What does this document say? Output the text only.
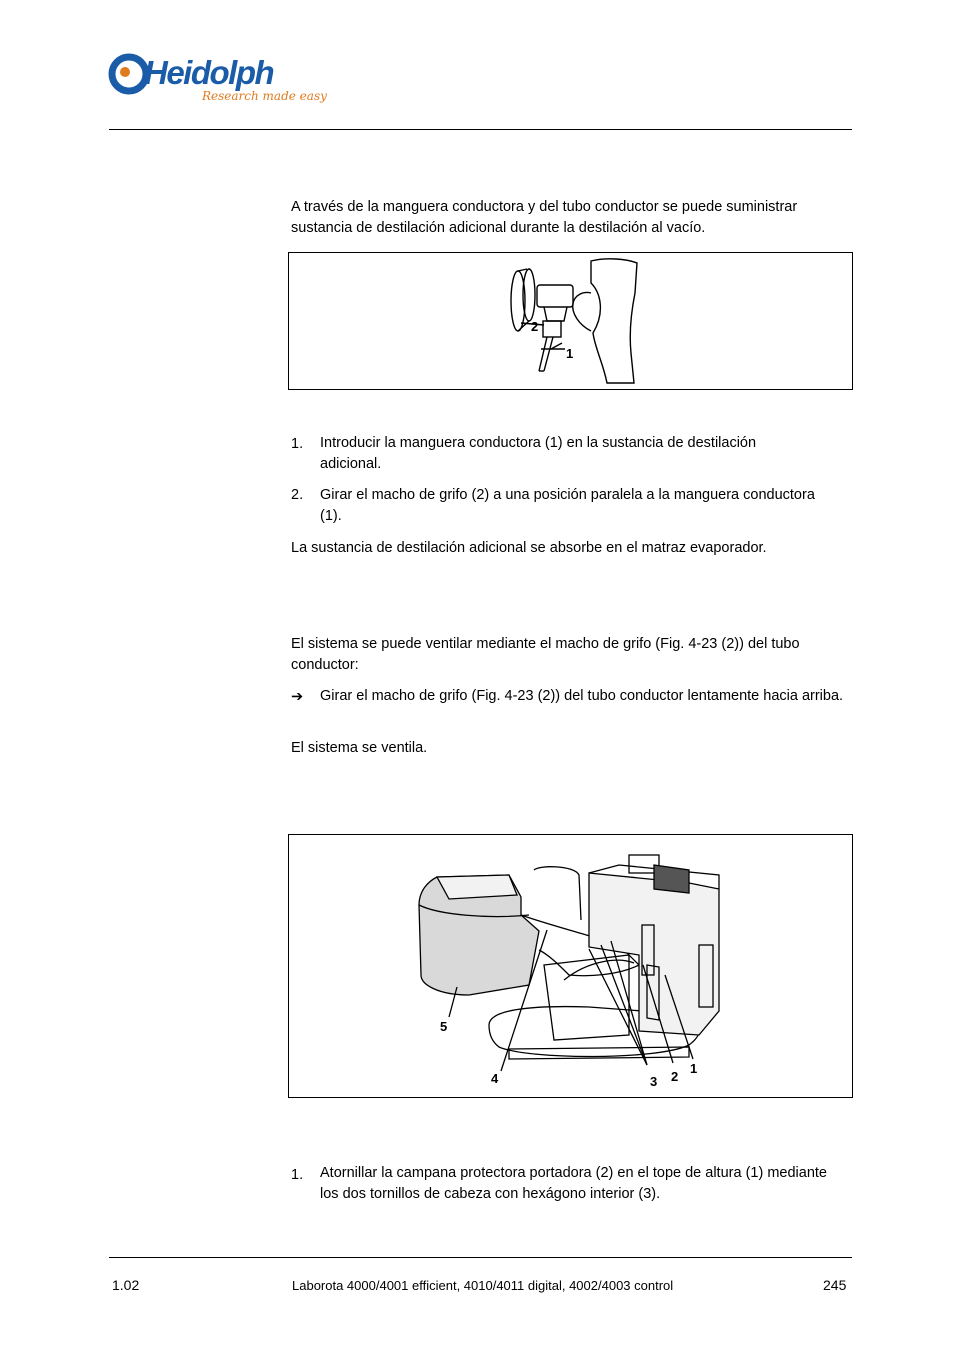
Heidolph
Research made easy
A través de la manguera conductora y del tubo conductor se puede suministrar sustancia de destilación adicional durante la destilación al vacío.
2
1
1. Introducir la manguera conductora (1) en la sustancia de destilación adicional.
2. Girar el macho de grifo (2) a una posición paralela a la manguera conductora (1).
La sustancia de destilación adicional se absorbe en el matraz evaporador.
El sistema se puede ventilar mediante el macho de grifo (Fig. 4-23 (2)) del tubo conductor:
➔ Girar el macho de grifo (Fig. 4-23 (2)) del tubo conductor lentamente hacia arriba.
El sistema se ventila.
5
4	3 2
1
1. Atornillar la campana protectora portadora (2) en el tope de altura (1) mediante los dos tornillos de cabeza con hexágono interior (3).
1.02	Laborota 4000/4001 efficient, 4010/4011 digital, 4002/4003 control	245
